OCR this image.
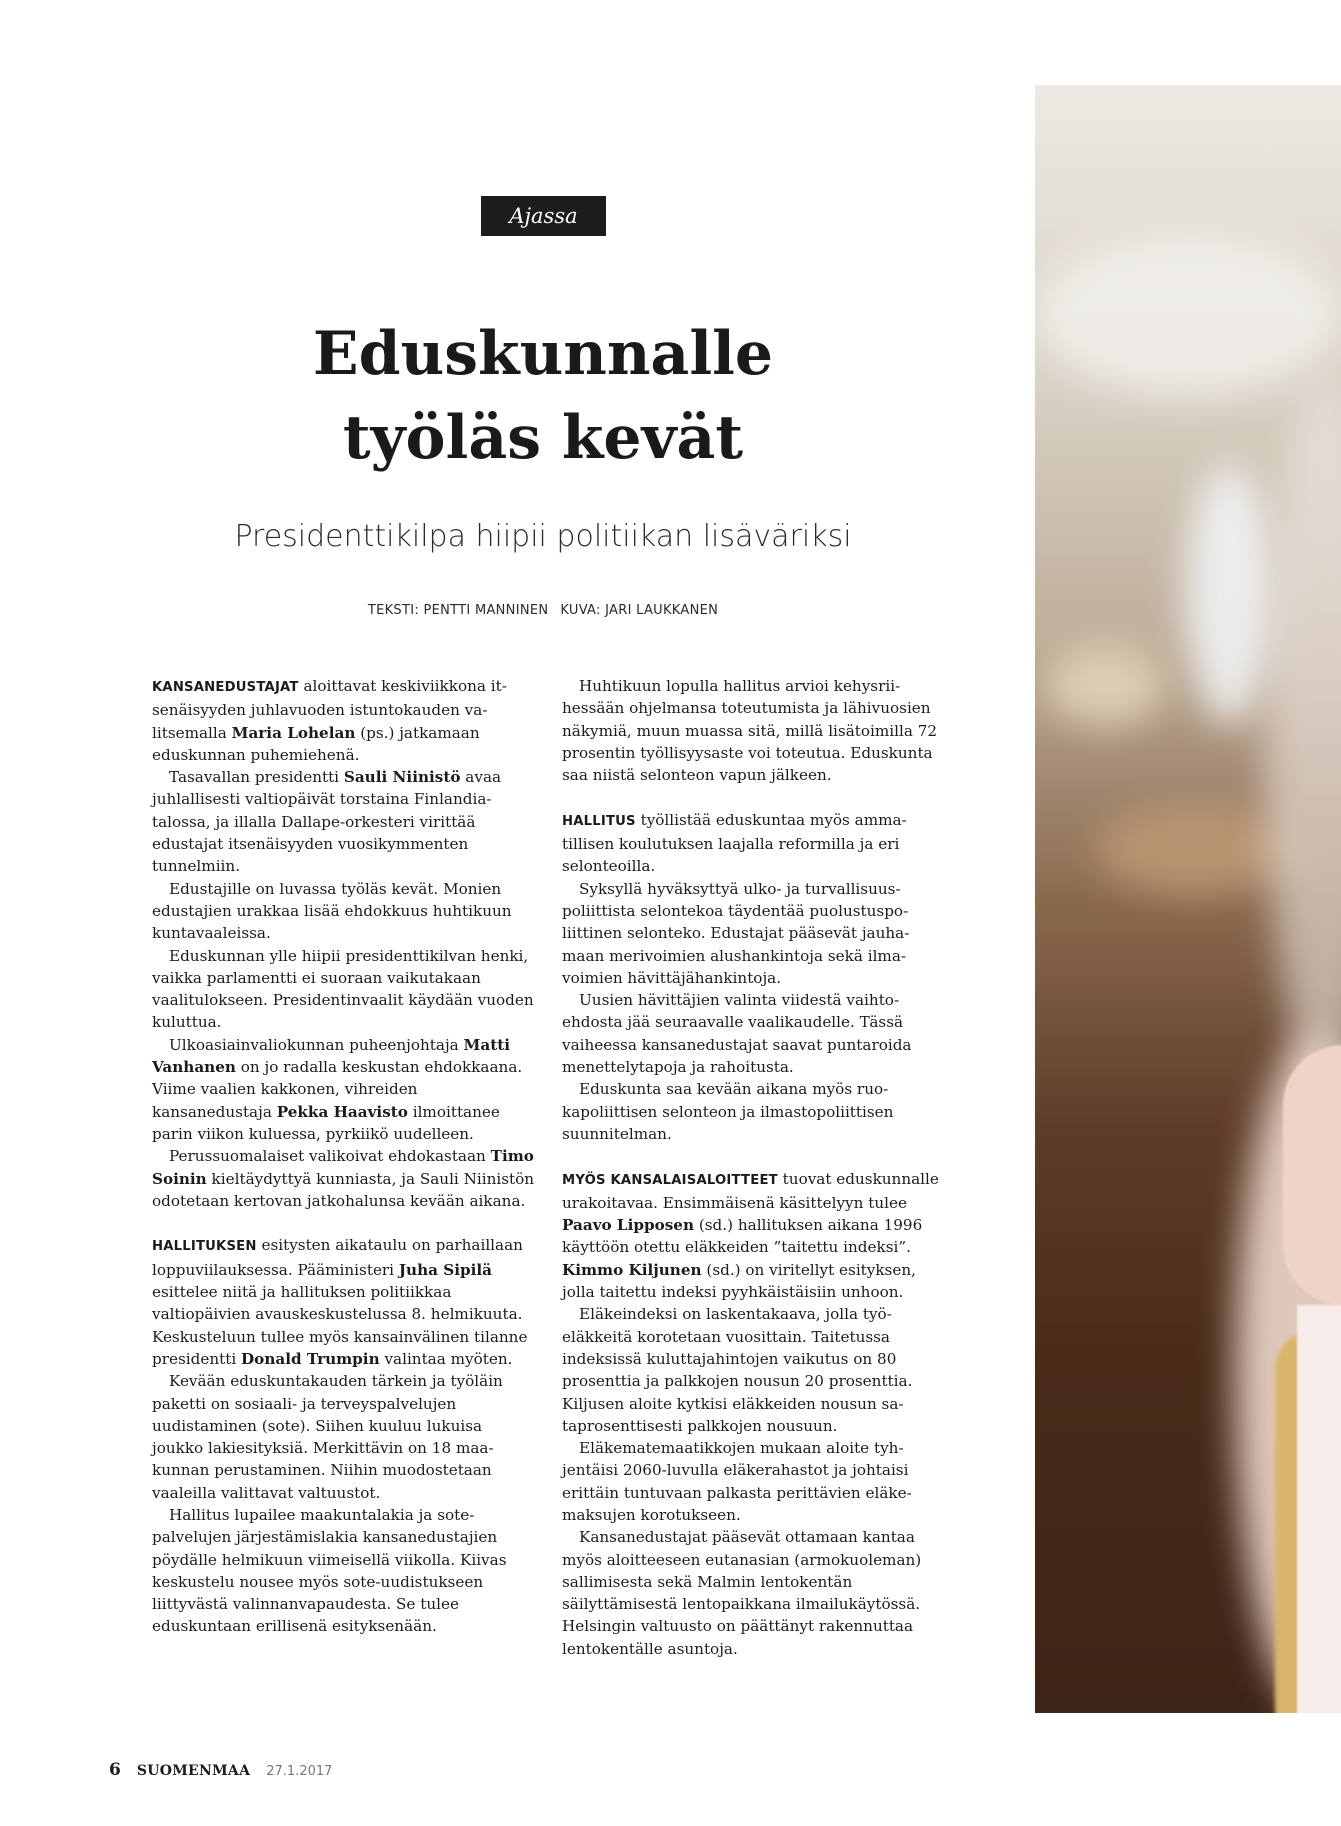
Ajassa
Eduskunnalle
työläs kevät
Presidenttikilpa hiipii politiikan lisäväriksi
TEKSTI: PENTTI MANNINEN KUVA: JARI LAUKKANEN

KANSANEDUSTAJAT aloittavat keskiviikkona itsenäisyyden juhlavuoden istuntokauden valitsemalla Maria Lohelan (ps.) jatkamaan eduskunnan puhemiehenä.

Tasavallan presidentti Sauli Niinistö avaa juhlallisesti valtiopäivät torstaina Finlandia-talossa, ja illalla Dallape-orkesteri virittää edustajat itsenäisyyden vuosikymmenten tunnelmiin.

Edustajille on luvassa työläs kevät. Monien edustajien urakkaa lisää ehdokkuus huhtikuun kuntavaaleissa.

Eduskunnan ylle hiipii presidenttikilvan henki, vaikka parlamentti ei suoraan vaikutakaan vaalitulokseen. Presidentinvaalit käydään vuoden kuluttua.

Ulkoasiainvaliokunnan puheenjohtaja Matti Vanhanen on jo radalla keskustan ehdokkaana. Viime vaalien kakkonen, vihreiden kansanedustaja Pekka Haavisto ilmoittanee parin viikon kuluessa, pyrkiikö uudelleen.

Perussuomalaiset valikoivat ehdokastaan Timo Soinin kieltäydyttyä kunniasta, ja Sauli Niinistön odotetaan kertovan jatkohalunsa kevään aikana.

HALLITUKSEN esitysten aikataulu on parhaillaan loppuviilauksessa. Pääministeri Juha Sipilä esittelee niitä ja hallituksen politiikkaa valtiopäivien avauskeskustelussa 8. helmikuuta. Keskusteluun tullee myös kansainvälinen tilanne presidentti Donald Trumpin valintaa myöten.

Kevään eduskuntakauden tärkein ja työläin paketti on sosiaali- ja terveyspalvelujen uudistaminen (sote). Siihen kuuluu lukuisa joukko lakiesityksiä. Merkittävin on 18 maakunnan perustaminen. Niihin muodostetaan vaaleilla valittavat valtuustot.

Hallitus lupailee maakuntalakia ja sotepalvelujen järjestämislakia kansanedustajien pöydälle helmikuun viimeisellä viikolla. Kiivas keskustelu nousee myös sote-uudistukseen liittyvästä valinnanvapaudesta. Se tulee eduskuntaan erillisenä esityksenään.

Huhtikuun lopulla hallitus arvioi kehysriihessään ohjelmansa toteutumista ja lähivuosien näkymiä, muun muassa sitä, millä lisätoimilla 72 prosentin työllisyysaste voi toteutua. Eduskunta saa niistä selonteon vapun jälkeen.

HALLITUS työllistää eduskuntaa myös ammatillisen koulutuksen laajalla reformilla ja eri selonteoilla.

Syksyllä hyväksyttyä ulko- ja turvallisuuspoliittista selontekoa täydentää puolustuspoliittinen selonteko. Edustajat pääsevät jauhamaan merivoimien alushankintoja sekä ilmavoimien hävittäjähankintoja.

Uusien hävittäjien valinta viidestä vaihtoehdosta jää seuraavalle vaalikaudelle. Tässä vaiheessa kansanedustajat saavat puntaroida menettelytapoja ja rahoitusta.

Eduskunta saa kevään aikana myös ruokapoliittisen selonteon ja ilmastopoliittisen suunnitelman.

MYÖS KANSALAISALOITTEET tuovat eduskunnalle urakoitavaa. Ensimmäisenä käsittelyyn tulee Paavo Lipposen (sd.) hallituksen aikana 1996 käyttöön otettu eläkkeiden ”taitettu indeksi”. Kimmo Kiljunen (sd.) on viritellyt esityksen, jolla taitettu indeksi pyyhkäistäisiin unhoon.

Eläkeindeksi on laskentakaava, jolla työeläkkeitä korotetaan vuosittain. Taitetussa indeksissä kuluttajahintojen vaikutus on 80 prosenttia ja palkkojen nousun 20 prosenttia. Kiljusen aloite kytkisi eläkkeiden nousun sataprosenttisesti palkkojen nousuun.

Eläkematemaatikkojen mukaan aloite tyhjentäisi 2060-luvulla eläkerahastot ja johtaisi erittäin tuntuvaan palkasta perittävien eläkemaksujen korotukseen.

Kansanedustajat pääsevät ottamaan kantaa myös aloitteeseen eutanasian (armokuoleman) sallimisesta sekä Malmin lentokentän säilyttämisestä lentopaikkana ilmailukäytössä. Helsingin valtuusto on päättänyt rakennuttaa lentokentälle asuntoja.

6 SUOMENMAA 27.1.2017
